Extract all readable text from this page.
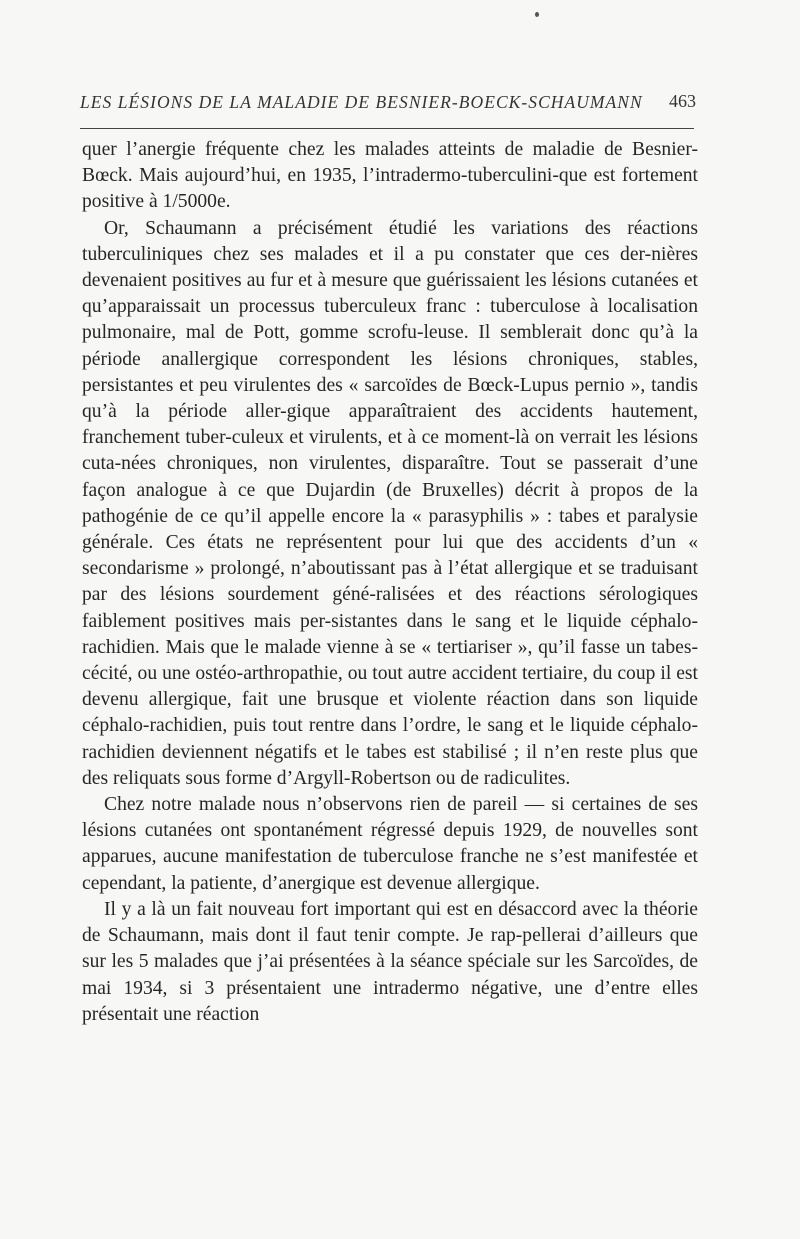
LES LÉSIONS DE LA MALADIE DE BESNIER-BOECK-SCHAUMANN 463

quer l’anergie fréquente chez les malades atteints de maladie de Besnier-Bœck. Mais aujourd’hui, en 1935, l’intradermo-tuberculini-que est fortement positive à 1/5000e.

Or, Schaumann a précisément étudié les variations des réactions tuberculiniques chez ses malades et il a pu constater que ces der-nières devenaient positives au fur et à mesure que guérissaient les lésions cutanées et qu’apparaissait un processus tuberculeux franc : tuberculose à localisation pulmonaire, mal de Pott, gomme scrofu-leuse. Il semblerait donc qu’à la période anallergique correspondent les lésions chroniques, stables, persistantes et peu virulentes des « sarcoïdes de Bœck-Lupus pernio », tandis qu’à la période aller-gique apparaîtraient des accidents hautement, franchement tuber-culeux et virulents, et à ce moment-là on verrait les lésions cuta-nées chroniques, non virulentes, disparaître. Tout se passerait d’une façon analogue à ce que Dujardin (de Bruxelles) décrit à propos de la pathogénie de ce qu’il appelle encore la « parasyphilis » : tabes et paralysie générale. Ces états ne représentent pour lui que des accidents d’un « secondarisme » prolongé, n’aboutissant pas à l’état allergique et se traduisant par des lésions sourdement géné-ralisées et des réactions sérologiques faiblement positives mais per-sistantes dans le sang et le liquide céphalo-rachidien. Mais que le malade vienne à se « tertiariser », qu’il fasse un tabes-cécité, ou une ostéo-arthropathie, ou tout autre accident tertiaire, du coup il est devenu allergique, fait une brusque et violente réaction dans son liquide céphalo-rachidien, puis tout rentre dans l’ordre, le sang et le liquide céphalo-rachidien deviennent négatifs et le tabes est stabilisé ; il n’en reste plus que des reliquats sous forme d’Argyll-Robertson ou de radiculites.

Chez notre malade nous n’observons rien de pareil — si certaines de ses lésions cutanées ont spontanément régressé depuis 1929, de nouvelles sont apparues, aucune manifestation de tuberculose franche ne s’est manifestée et cependant, la patiente, d’anergique est devenue allergique.

Il y a là un fait nouveau fort important qui est en désaccord avec la théorie de Schaumann, mais dont il faut tenir compte. Je rap-pellerai d’ailleurs que sur les 5 malades que j’ai présentées à la séance spéciale sur les Sarcoïdes, de mai 1934, si 3 présentaient une intradermo négative, une d’entre elles présentait une réaction
